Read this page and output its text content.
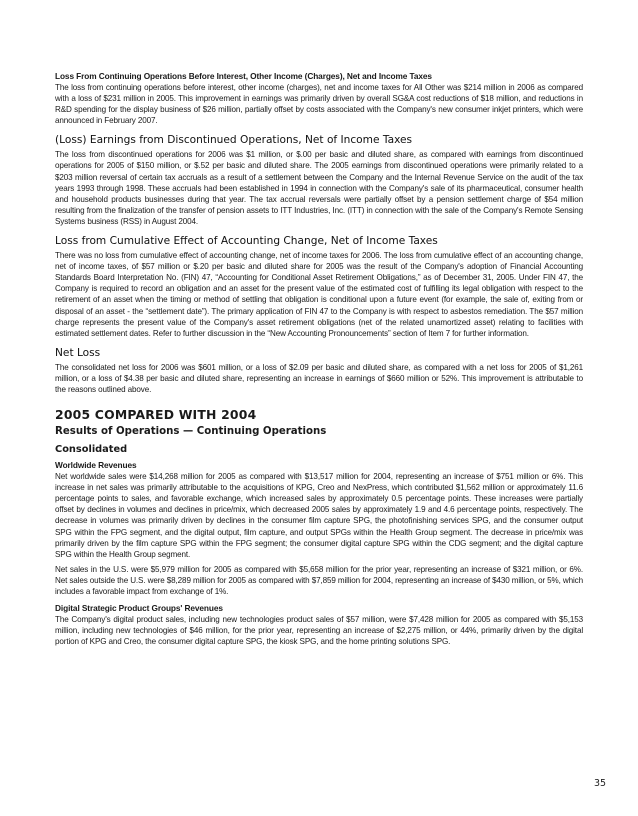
Loss From Continuing Operations Before Interest, Other Income (Charges), Net and Income Taxes

The loss from continuing operations before interest, other income (charges), net and income taxes for All Other was $214 million in 2006 as compared with a loss of $231 million in 2005. This improvement in earnings was primarily driven by overall SG&A cost reductions of $18 million, and reductions in R&D spending for the display business of $26 million, partially offset by costs associated with the Company's new consumer inkjet printers, which were announced in February 2007.

(Loss) Earnings from Discontinued Operations, Net of Income Taxes

The loss from discontinued operations for 2006 was $1 million, or $.00 per basic and diluted share, as compared with earnings from discontinued operations for 2005 of $150 million, or $.52 per basic and diluted share. The 2005 earnings from discontinued operations were primarily related to a $203 million reversal of certain tax accruals as a result of a settlement between the Company and the Internal Revenue Service on the audit of the tax years 1993 through 1998. These accruals had been established in 1994 in connection with the Company's sale of its pharmaceutical, consumer health and household products businesses during that year. The tax accrual reversals were partially offset by a pension settlement charge of $54 million resulting from the finalization of the transfer of pension assets to ITT Industries, Inc. (ITT) in connection with the sale of the Company's Remote Sensing Systems business (RSS) in August 2004.

Loss from Cumulative Effect of Accounting Change, Net of Income Taxes

There was no loss from cumulative effect of accounting change, net of income taxes for 2006. The loss from cumulative effect of an accounting change, net of income taxes, of $57 million or $.20 per basic and diluted share for 2005 was the result of the Company's adoption of Financial Accounting Standards Board Interpretation No. (FIN) 47, “Accounting for Conditional Asset Retirement Obligations,” as of December 31, 2005. Under FIN 47, the Company is required to record an obligation and an asset for the present value of the estimated cost of fulfilling its legal obligation with respect to the retirement of an asset when the timing or method of settling that obligation is conditional upon a future event (for example, the sale of, exiting from or disposal of an asset - the “settlement date”). The primary application of FIN 47 to the Company is with respect to asbestos remediation. The $57 million charge represents the present value of the Company's asset retirement obligations (net of the related unamortized asset) relating to facilities with estimated settlement dates. Refer to further discussion in the “New Accounting Pronouncements” section of Item 7 for further information.

Net Loss

The consolidated net loss for 2006 was $601 million, or a loss of $2.09 per basic and diluted share, as compared with a net loss for 2005 of $1,261 million, or a loss of $4.38 per basic and diluted share, representing an increase in earnings of $660 million or 52%. This improvement is attributable to the reasons outlined above.

2005 COMPARED WITH 2004
Results of Operations — Continuing Operations
Consolidated
Worldwide Revenues

Net worldwide sales were $14,268 million for 2005 as compared with $13,517 million for 2004, representing an increase of $751 million or 6%. This increase in net sales was primarily attributable to the acquisitions of KPG, Creo and NexPress, which contributed $1,562 million or approximately 11.6 percentage points to sales, and favorable exchange, which increased sales by approximately 0.5 percentage points. These increases were partially offset by declines in volumes and declines in price/mix, which decreased 2005 sales by approximately 1.9 and 4.6 percentage points, respectively. The decrease in volumes was primarily driven by declines in the consumer film capture SPG, the photofinishing services SPG, and the consumer output SPG within the FPG segment, and the digital output, film capture, and output SPGs within the Health Group segment. The decrease in price/mix was primarily driven by the film capture SPG within the FPG segment; the consumer digital capture SPG within the CDG segment; and the digital capture SPG within the Health Group segment.

Net sales in the U.S. were $5,979 million for 2005 as compared with $5,658 million for the prior year, representing an increase of $321 million, or 6%. Net sales outside the U.S. were $8,289 million for 2005 as compared with $7,859 million for 2004, representing an increase of $430 million, or 5%, which includes a favorable impact from exchange of 1%.

Digital Strategic Product Groups' Revenues

The Company's digital product sales, including new technologies product sales of $57 million, were $7,428 million for 2005 as compared with $5,153 million, including new technologies of $46 million, for the prior year, representing an increase of $2,275 million, or 44%, primarily driven by the digital portion of KPG and Creo, the consumer digital capture SPG, the kiosk SPG, and the home printing solutions SPG.

35
